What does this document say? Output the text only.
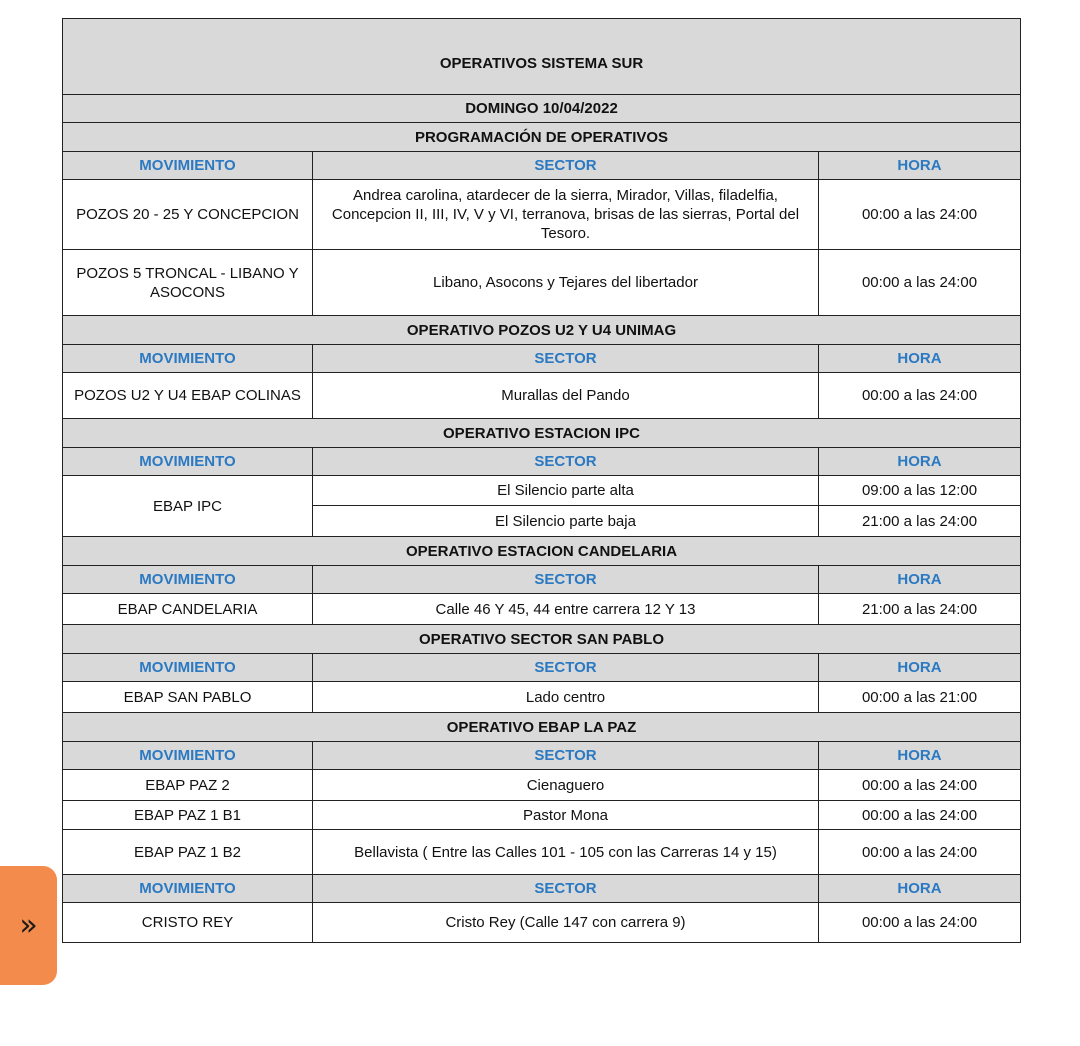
OPERATIVOS SISTEMA SUR		
DOMINGO 10/04/2022		
PROGRAMACIÓN DE OPERATIVOS		
MOVIMIENTO	SECTOR	HORA
POZOS 20 - 25 Y CONCEPCION	Andrea carolina, atardecer de la sierra, Mirador, Villas, filadelfia, Concepcion II, III, IV, V y VI, terranova, brisas de las sierras, Portal del Tesoro.	00:00 a las 24:00
POZOS 5 TRONCAL - LIBANO Y ASOCONS	Libano, Asocons y Tejares del libertador	00:00 a las 24:00
OPERATIVO POZOS U2 Y U4 UNIMAG		
MOVIMIENTO	SECTOR	HORA
POZOS U2 Y U4 EBAP COLINAS	Murallas del Pando	00:00 a las 24:00
OPERATIVO ESTACION IPC		
MOVIMIENTO	SECTOR	HORA
EBAP IPC	El Silencio parte alta	09:00 a las 12:00
	El Silencio parte baja	21:00 a las 24:00
OPERATIVO ESTACION CANDELARIA		
MOVIMIENTO	SECTOR	HORA
EBAP CANDELARIA	Calle 46 Y 45, 44 entre carrera 12 Y 13	21:00 a las 24:00
OPERATIVO SECTOR SAN PABLO		
MOVIMIENTO	SECTOR	HORA
EBAP SAN PABLO	Lado centro	00:00 a las 21:00
OPERATIVO EBAP LA PAZ		
MOVIMIENTO	SECTOR	HORA
EBAP PAZ 2	Cienaguero	00:00 a las 24:00
EBAP PAZ 1 B1	Pastor Mona	00:00 a las 24:00
EBAP PAZ 1 B2	Bellavista ( Entre las Calles 101 - 105 con las Carreras 14 y 15)	00:00 a las 24:00
MOVIMIENTO	SECTOR	HORA
CRISTO REY	Cristo Rey (Calle 147 con carrera 9)	00:00 a las 24:00
»
